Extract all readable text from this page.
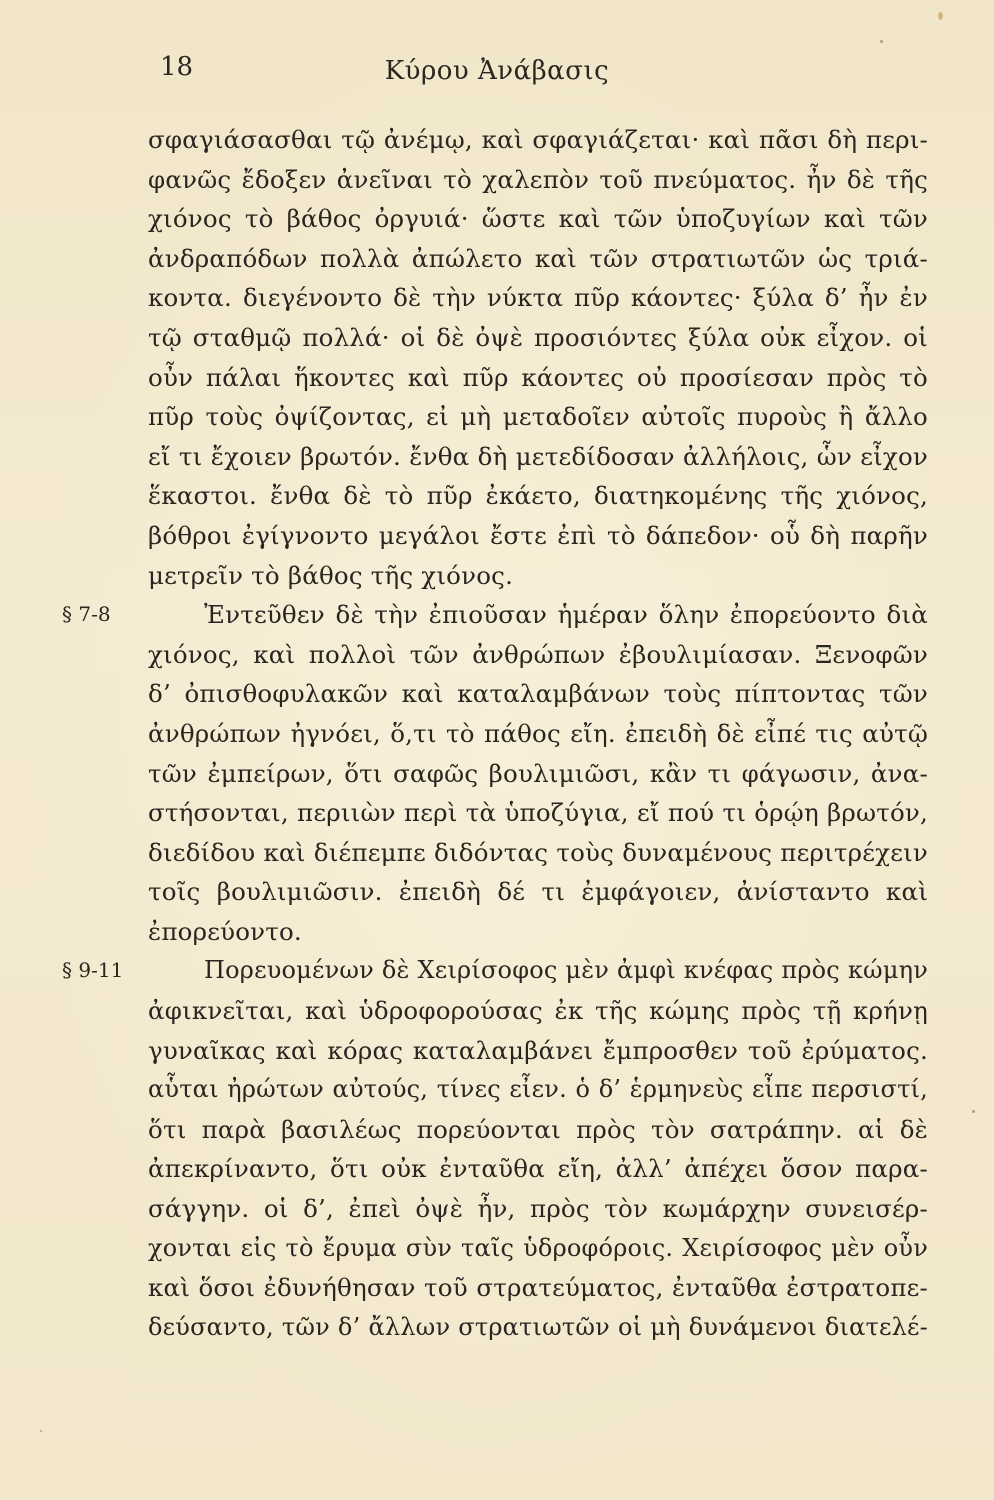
18	Κύρου Ἀνάβασις
σφαγιάσασθαι τῷ ἀνέμῳ, καὶ σφαγιάζεται· καὶ πᾶσι δὴ περι-
φανῶς ἔδοξεν ἀνεῖναι τὸ χαλεπὸν τοῦ πνεύματος. ἦν δὲ τῆς
χιόνος τὸ βάθος ὀργυιά· ὥστε καὶ τῶν ὑποζυγίων καὶ τῶν
ἀνδραπόδων πολλὰ ἀπώλετο καὶ τῶν στρατιωτῶν ὡς τριά-
κοντα. διεγένοντο δὲ τὴν νύκτα πῦρ κάοντες· ξύλα δ’ ἦν ἐν
τῷ σταθμῷ πολλά· οἱ δὲ ὀψὲ προσιόντες ξύλα οὐκ εἶχον. οἱ
οὖν πάλαι ἥκοντες καὶ πῦρ κάοντες οὐ προσίεσαν πρὸς τὸ
πῦρ τοὺς ὀψίζοντας, εἰ μὴ μεταδοῖεν αὐτοῖς πυροὺς ἢ ἄλλο
εἴ τι ἔχοιεν βρωτόν. ἔνθα δὴ μετεδίδοσαν ἀλλήλοις, ὧν εἶχον
ἕκαστοι. ἔνθα δὲ τὸ πῦρ ἐκάετο, διατηκομένης τῆς χιόνος,
βόθροι ἐγίγνοντο μεγάλοι ἔστε ἐπὶ τὸ δάπεδον· οὗ δὴ παρῆν
μετρεῖν τὸ βάθος τῆς χιόνος.
§ 7-8	Ἐντεῦθεν δὲ τὴν ἐπιοῦσαν ἡμέραν ὅλην ἐπορεύοντο διὰ
χιόνος, καὶ πολλοὶ τῶν ἀνθρώπων ἐβουλιμίασαν. Ξενοφῶν
δ’ ὀπισθοφυλακῶν καὶ καταλαμβάνων τοὺς πίπτοντας τῶν
ἀνθρώπων ἠγνόει, ὅ,τι τὸ πάθος εἴη. ἐπειδὴ δὲ εἶπέ τις αὐτῷ
τῶν ἐμπείρων, ὅτι σαφῶς βουλιμιῶσι, κἂν τι φάγωσιν, ἀνα-
στήσονται, περιιὼν περὶ τὰ ὑποζύγια, εἴ πού τι ὁρῴη βρωτόν,
διεδίδου καὶ διέπεμπε διδόντας τοὺς δυναμένους περιτρέχειν
τοῖς βουλιμιῶσιν. ἐπειδὴ δέ τι ἐμφάγοιεν, ἀνίσταντο καὶ
ἐπορεύοντο.
§ 9-11	Πορευομένων δὲ Χειρίσοφος μὲν ἀμφὶ κνέφας πρὸς κώμην
ἀφικνεῖται, καὶ ὑδροφορούσας ἐκ τῆς κώμης πρὸς τῇ κρήνῃ
γυναῖκας καὶ κόρας καταλαμβάνει ἔμπροσθεν τοῦ ἐρύματος.
αὗται ἠρώτων αὐτούς, τίνες εἶεν. ὁ δ’ ἑρμηνεὺς εἶπε περσιστί,
ὅτι παρὰ βασιλέως πορεύονται πρὸς τὸν σατράπην. αἱ δὲ
ἀπεκρίναντο, ὅτι οὐκ ἐνταῦθα εἴη, ἀλλ’ ἀπέχει ὅσον παρα-
σάγγην. οἱ δ’, ἐπεὶ ὀψὲ ἦν, πρὸς τὸν κωμάρχην συνεισέρ-
χονται εἰς τὸ ἔρυμα σὺν ταῖς ὑδροφόροις. Χειρίσοφος μὲν οὖν
καὶ ὅσοι ἐδυνήθησαν τοῦ στρατεύματος, ἐνταῦθα ἐστρατοπε-
δεύσαντο, τῶν δ’ ἄλλων στρατιωτῶν οἱ μὴ δυνάμενοι διατελέ-
